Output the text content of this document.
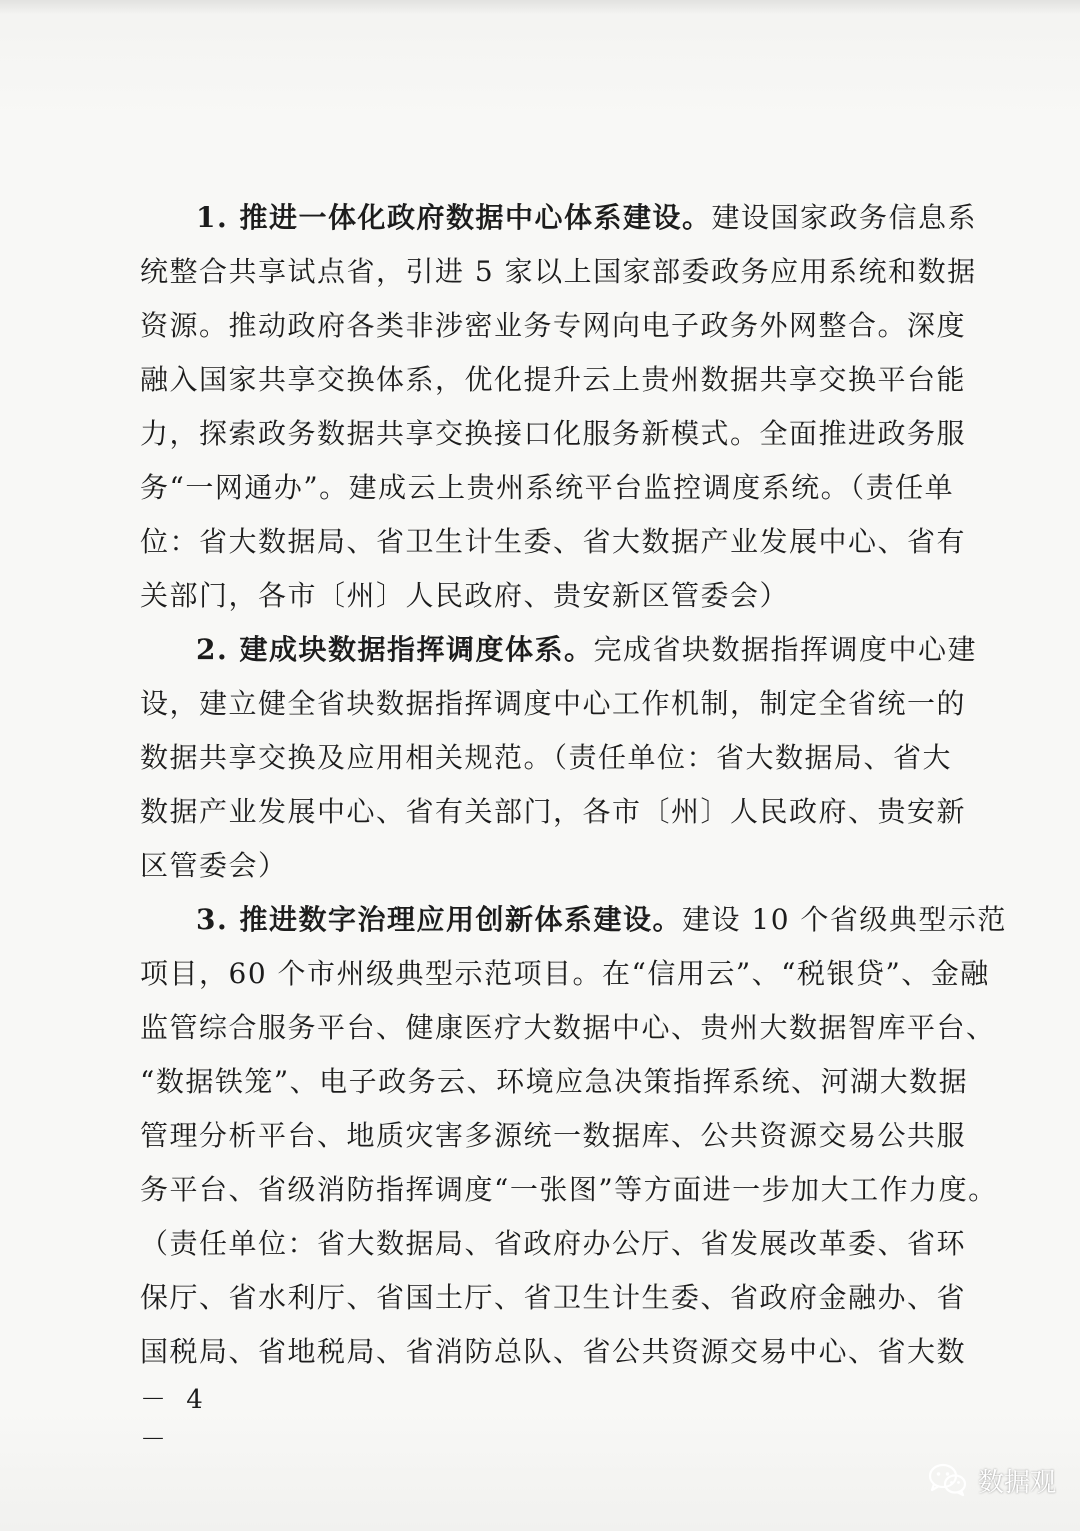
1. 推进一体化政府数据中心体系建设。建设国家政务信息系
统整合共享试点省，引进 5 家以上国家部委政务应用系统和数据
资源。推动政府各类非涉密业务专网向电子政务外网整合。深度
融入国家共享交换体系，优化提升云上贵州数据共享交换平台能
力，探索政务数据共享交换接口化服务新模式。全面推进政务服
务“一网通办”。建成云上贵州系统平台监控调度系统。（责任单
位：省大数据局、省卫生计生委、省大数据产业发展中心、省有
关部门，各市〔州〕人民政府、贵安新区管委会）
2. 建成块数据指挥调度体系。完成省块数据指挥调度中心建
设，建立健全省块数据指挥调度中心工作机制，制定全省统一的
数据共享交换及应用相关规范。（责任单位：省大数据局、省大
数据产业发展中心、省有关部门，各市〔州〕人民政府、贵安新
区管委会）
3. 推进数字治理应用创新体系建设。建设 10 个省级典型示范
项目，60 个市州级典型示范项目。在“信用云”、“税银贷”、金融
监管综合服务平台、健康医疗大数据中心、贵州大数据智库平台、
“数据铁笼”、电子政务云、环境应急决策指挥系统、河湖大数据
管理分析平台、地质灾害多源统一数据库、公共资源交易公共服
务平台、省级消防指挥调度“一张图”等方面进一步加大工作力度。
（责任单位：省大数据局、省政府办公厅、省发展改革委、省环
保厅、省水利厅、省国土厅、省卫生计生委、省政府金融办、省
国税局、省地税局、省消防总队、省公共资源交易中心、省大数
－ 4 －
数据观
